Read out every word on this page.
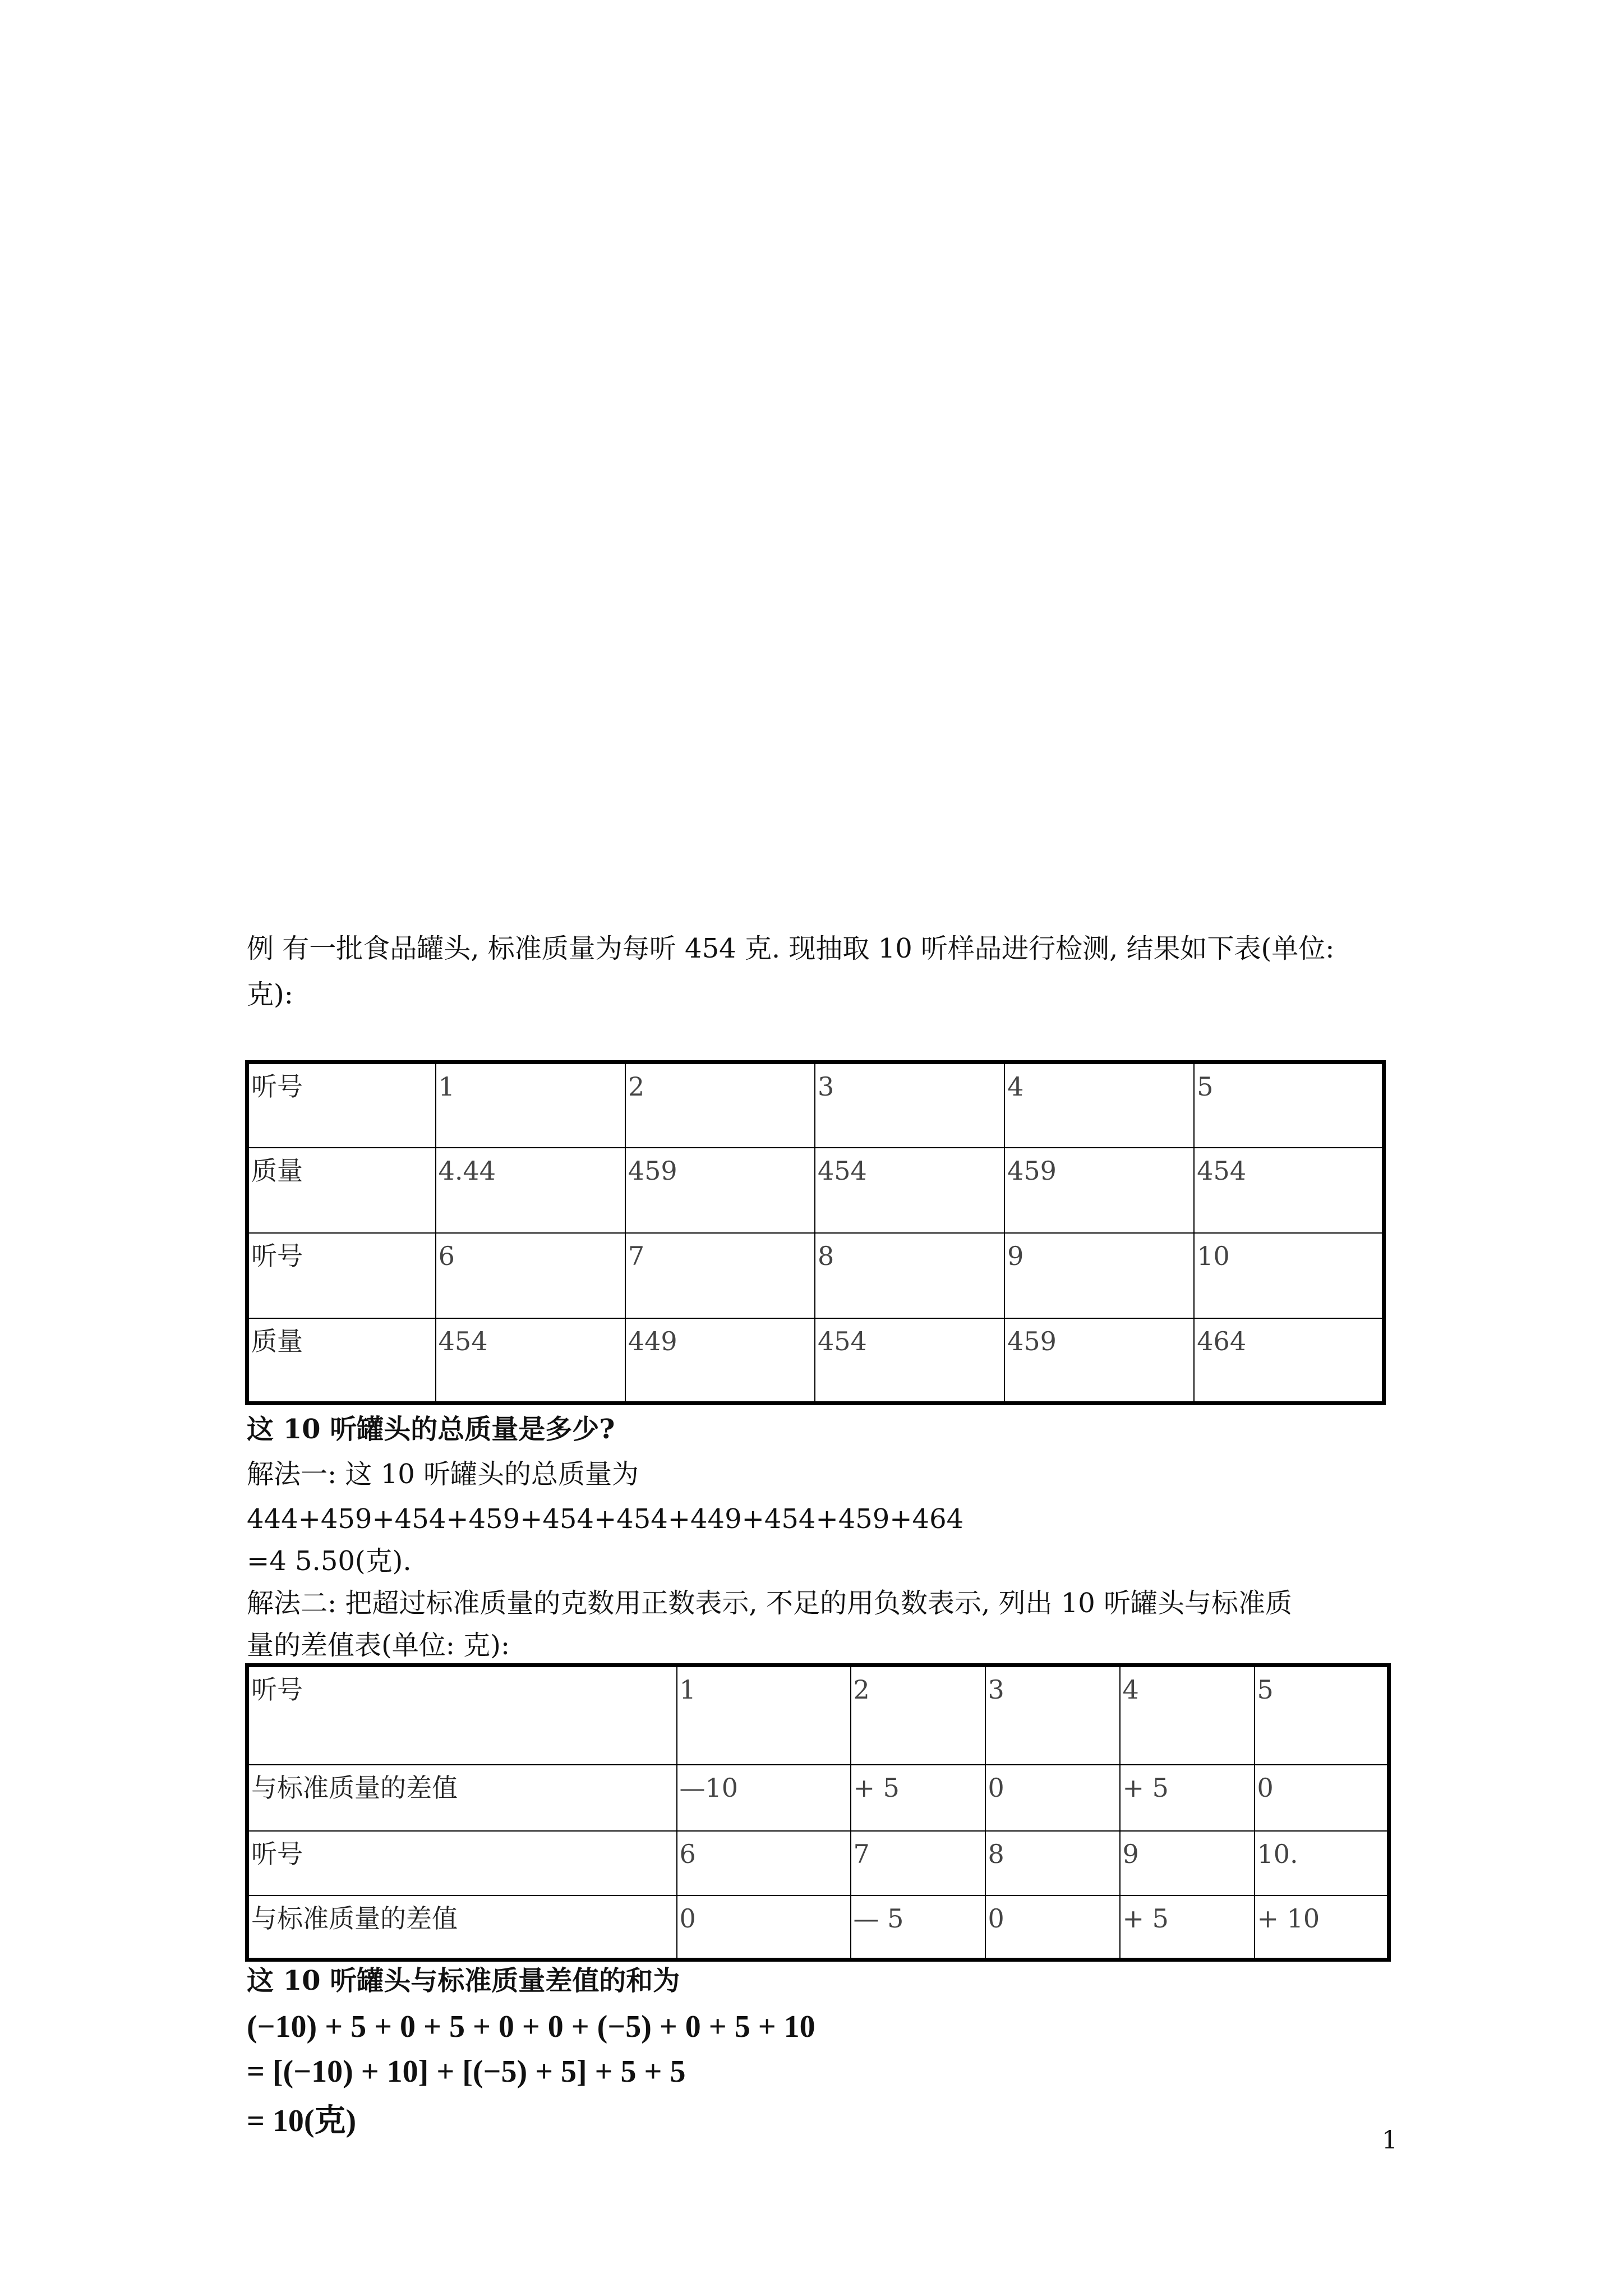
例 有一批食品罐头, 标准质量为每听 454 克. 现抽取 10 听样品进行检测, 结果如下表(单位:
克):
听号	1	2	3	4	5
质量	4.44	459	454	459	454
听号	6	7	8	9	10
质量	454	449	454	459	464
这 10 听罐头的总质量是多少?
解法一: 这 10 听罐头的总质量为
444+459+454+459+454+454+449+454+459+464
=4 5.50(克).
解法二: 把超过标准质量的克数用正数表示, 不足的用负数表示, 列出 10 听罐头与标准质
量的差值表(单位: 克):
听号	1	2	3	4	5
与标准质量的差值	—10	+ 5	0	+ 5	0
听号	6	7	8	9	10.
与标准质量的差值	0	— 5	0	+ 5	+ 10
这 10 听罐头与标准质量差值的和为
(−10) + 5 + 0 + 5 + 0 + 0 + (−5) + 0 + 5 + 10
= [(−10) + 10] + [(−5) + 5] + 5 + 5
= 10(克)
1
